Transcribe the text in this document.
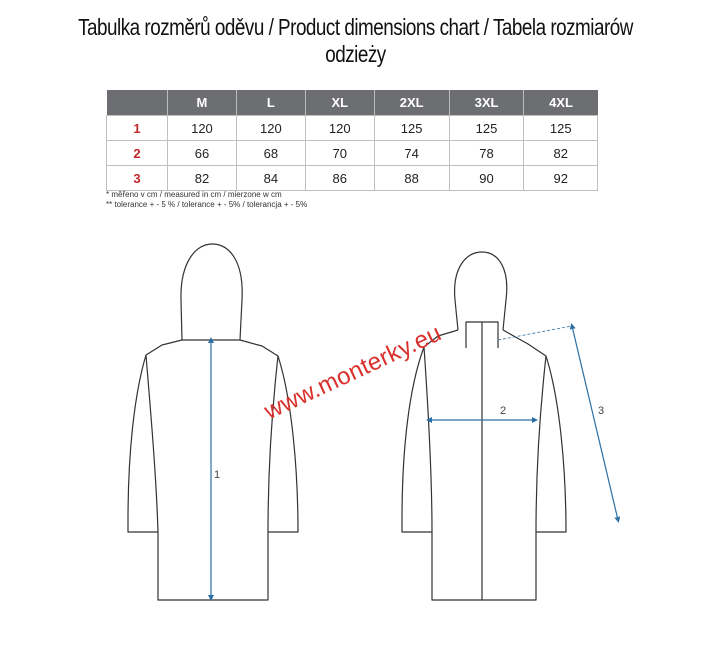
Tabulka rozměrů oděvu / Product dimensions chart / Tabela rozmiarów odzieży
	M	L	XL	2XL	3XL	4XL
1	120	120	120	125	125	125
2	66	68	70	74	78	82
3	82	84	86	88	90	92
* měřeno v cm / measured in cm / mierzone w cm
** tolerance + - 5 % / tolerance + - 5% / tolerancja + - 5%
1
2	3
www.monterky.eu
